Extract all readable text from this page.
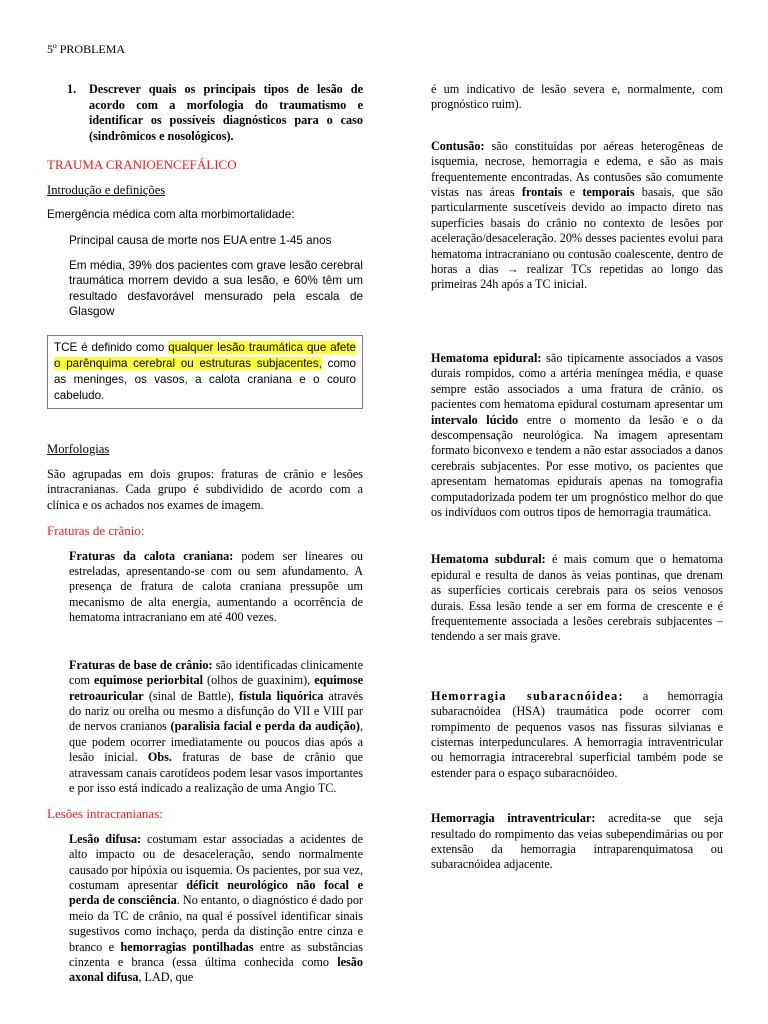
5º PROBLEMA
1.	Descrever quais os principais tipos de lesão de acordo com a morfologia do traumatismo e identificar os possíveis diagnósticos para o caso (sindrômicos e nosológicos).
TRAUMA CRANIOENCEFÁLICO
Introdução e definições
Emergência médica com alta morbimortalidade:
Principal causa de morte nos EUA entre 1-45 anos
Em média, 39% dos pacientes com grave lesão cerebral traumática morrem devido a sua lesão, e 60% têm um resultado desfavorável mensurado pela escala de Glasgow
TCE é definido como qualquer lesão traumática que afete o parênquima cerebral ou estruturas subjacentes, como as meninges, os vasos, a calota craniana e o couro cabeludo.
Morfologias
São agrupadas em dois grupos: fraturas de crânio e lesões intracranianas. Cada grupo é subdividido de acordo com a clínica e os achados nos exames de imagem.
Fraturas de crânio:
Fraturas da calota craniana: podem ser lineares ou estreladas, apresentando-se com ou sem afundamento. A presença de fratura de calota craniana pressupõe um mecanismo de alta energia, aumentando a ocorrência de hematoma intracraniano em até 400 vezes.
Fraturas de base de crânio: são identificadas clinicamente com equimose periorbital (olhos de guaxinim), equimose retroauricular (sinal de Battle), fístula liquórica através do nariz ou orelha ou mesmo a disfunção do VII e VIII par de nervos cranianos (paralisia facial e perda da audição), que podem ocorrer imediatamente ou poucos dias após a lesão inicial. Obs. fraturas de base de crânio que atravessam canais carotídeos podem lesar vasos importantes e por isso está indicado a realização de uma Angio TC.
Lesões intracranianas:
Lesão difusa: costumam estar associadas a acidentes de alto impacto ou de desaceleração, sendo normalmente causado por hipóxia ou isquemia. Os pacientes, por sua vez, costumam apresentar déficit neurológico não focal e perda de consciência. No entanto, o diagnóstico é dado por meio da TC de crânio, na qual é possível identificar sinais sugestivos como inchaço, perda da distinção entre cinza e branco e hemorragias pontilhadas entre as substâncias cinzenta e branca (essa última conhecida como lesão axonal difusa, LAD, que
é um indicativo de lesão severa e, normalmente, com prognóstico ruim).
Contusão: são constituídas por aéreas heterogêneas de isquemia, necrose, hemorragia e edema, e são as mais frequentemente encontradas. As contusões são comumente vistas nas áreas frontais e temporais basais, que são particularmente suscetíveis devido ao impacto direto nas superfícies basais do crânio no contexto de lesões por aceleração/desaceleração. 20% desses pacientes evolui para hematoma intracraniano ou contusão coalescente, dentro de horas a dias → realizar TCs repetidas ao longo das primeiras 24h após a TC inicial.
Hematoma epidural: são tipicamente associados a vasos durais rompidos, como a artéria meníngea média, e quase sempre estão associados a uma fratura de crânio. os pacientes com hematoma epidural costumam apresentar um intervalo lúcido entre o momento da lesão e o da descompensação neurológica. Na imagem apresentam formato biconvexo e tendem a não estar associados a danos cerebrais subjacentes. Por esse motivo, os pacientes que apresentam hematomas epidurais apenas na tomografia computadorizada podem ter um prognóstico melhor do que os indivíduos com outros tipos de hemorragia traumática.
Hematoma subdural: é mais comum que o hematoma epidural e resulta de danos às veias pontinas, que drenam as superfícies corticais cerebrais para os seios venosos durais. Essa lesão tende a ser em forma de crescente e é frequentemente associada a lesões cerebrais subjacentes – tendendo a ser mais grave.
Hemorragia subaracnóidea: a hemorragia subaracnóidea (HSA) traumática pode ocorrer com rompimento de pequenos vasos nas fissuras silvianas e cisternas interpedunculares. A hemorragia intraventricular ou hemorragia intracerebral superficial também pode se estender para o espaço subaracnóideo.
Hemorragia intraventricular: acredita-se que seja resultado do rompimento das veias subependimárias ou por extensão da hemorragia intraparenquimatosa ou subaracnóidea adjacente.
